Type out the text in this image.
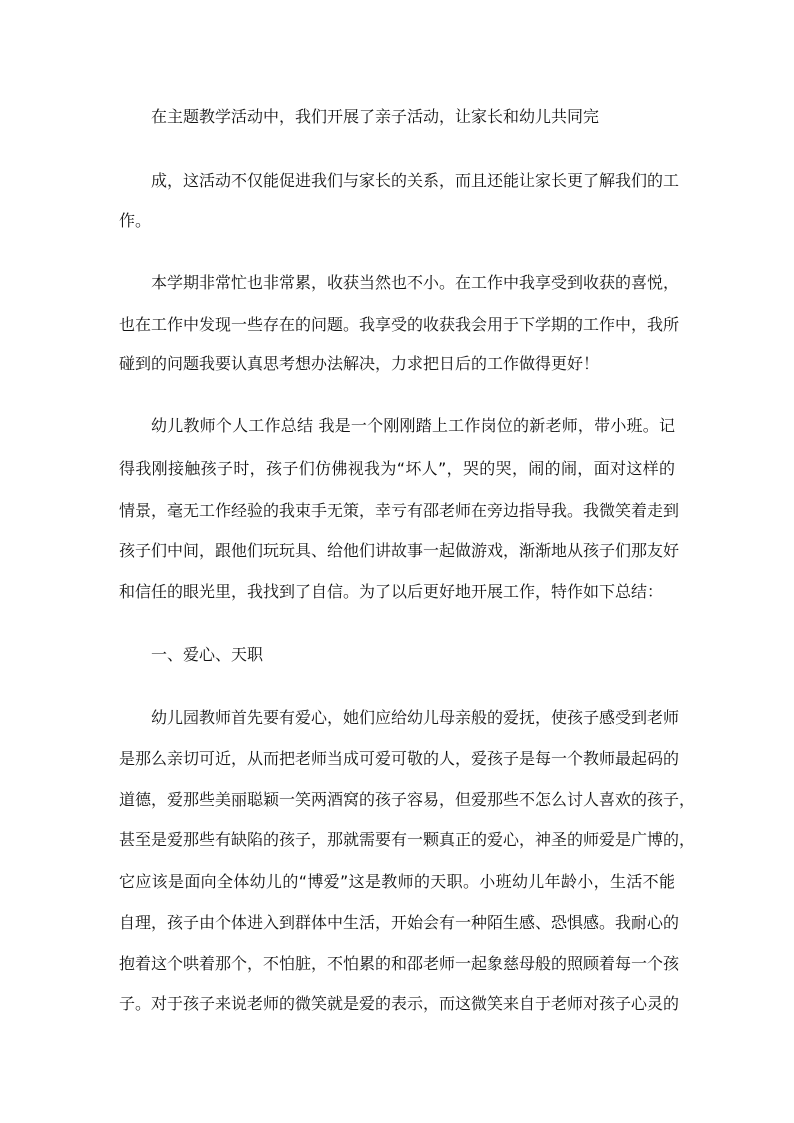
在主题教学活动中，我们开展了亲子活动，让家长和幼儿共同完
成，这活动不仅能促进我们与家长的关系，而且还能让家长更了解我们的工
作。
本学期非常忙也非常累，收获当然也不小。在工作中我享受到收获的喜悦，
也在工作中发现一些存在的问题。我享受的收获我会用于下学期的工作中，我所
碰到的问题我要认真思考想办法解决，力求把日后的工作做得更好！
幼儿教师个人工作总结 我是一个刚刚踏上工作岗位的新老师，带小班。记
得我刚接触孩子时，孩子们仿佛视我为“坏人”，哭的哭，闹的闹，面对这样的
情景，毫无工作经验的我束手无策，幸亏有邵老师在旁边指导我。我微笑着走到
孩子们中间，跟他们玩玩具、给他们讲故事一起做游戏，渐渐地从孩子们那友好
和信任的眼光里，我找到了自信。为了以后更好地开展工作，特作如下总结：
一、爱心、天职
幼儿园教师首先要有爱心，她们应给幼儿母亲般的爱抚，使孩子感受到老师
是那么亲切可近，从而把老师当成可爱可敬的人，爱孩子是每一个教师最起码的
道德，爱那些美丽聪颖一笑两酒窝的孩子容易，但爱那些不怎么讨人喜欢的孩子，
甚至是爱那些有缺陷的孩子，那就需要有一颗真正的爱心，神圣的师爱是广博的，
它应该是面向全体幼儿的“博爱”这是教师的天职。小班幼儿年龄小，生活不能
自理，孩子由个体进入到群体中生活，开始会有一种陌生感、恐惧感。我耐心的
抱着这个哄着那个，不怕脏，不怕累的和邵老师一起象慈母般的照顾着每一个孩
子。对于孩子来说老师的微笑就是爱的表示，而这微笑来自于老师对孩子心灵的
